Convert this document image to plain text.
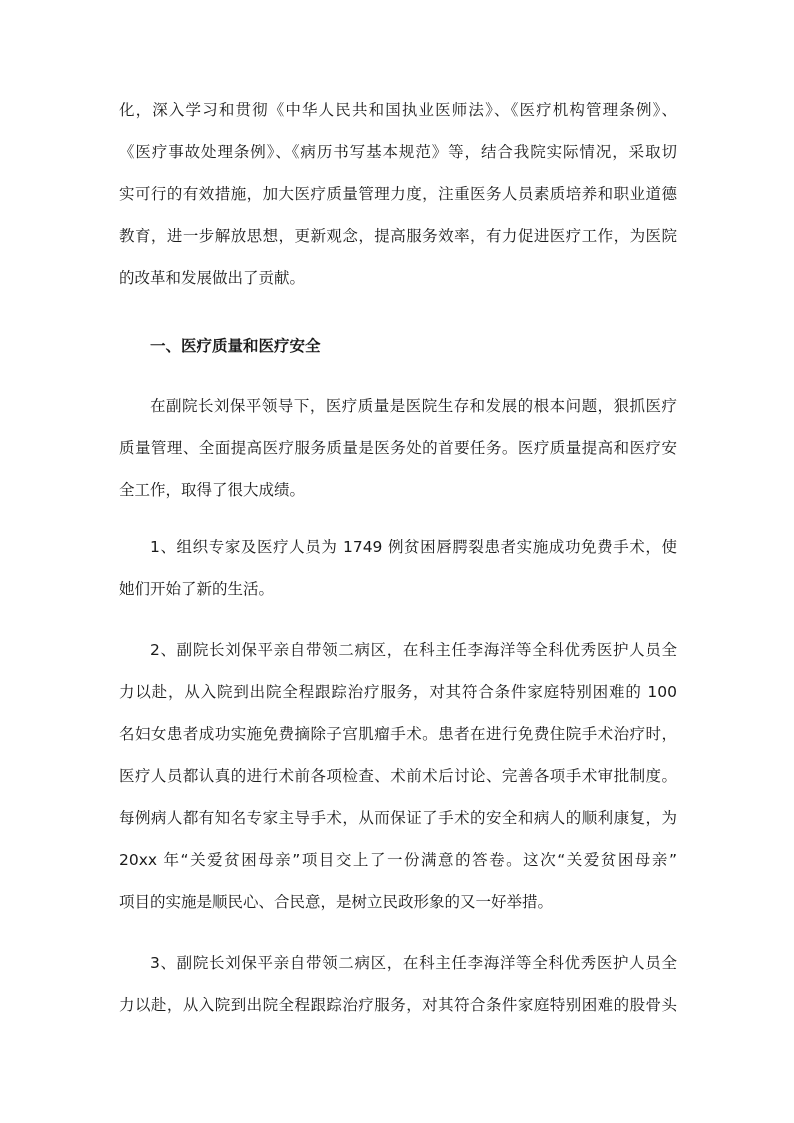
化，深入学习和贯彻《中华人民共和国执业医师法》、《医疗机构管理条例》、
《医疗事故处理条例》、《病历书写基本规范》等，结合我院实际情况，采取切
实可行的有效措施，加大医疗质量管理力度，注重医务人员素质培养和职业道德
教育，进一步解放思想，更新观念，提高服务效率，有力促进医疗工作，为医院
的改革和发展做出了贡献。
一、医疗质量和医疗安全
在副院长刘保平领导下，医疗质量是医院生存和发展的根本问题，狠抓医疗
质量管理、全面提高医疗服务质量是医务处的首要任务。医疗质量提高和医疗安
全工作，取得了很大成绩。
1、组织专家及医疗人员为 1749 例贫困唇腭裂患者实施成功免费手术，使
她们开始了新的生活。
2、副院长刘保平亲自带领二病区，在科主任李海洋等全科优秀医护人员全
力以赴，从入院到出院全程跟踪治疗服务，对其符合条件家庭特别困难的 100
名妇女患者成功实施免费摘除子宫肌瘤手术。患者在进行免费住院手术治疗时，
医疗人员都认真的进行术前各项检查、术前术后讨论、完善各项手术审批制度。
每例病人都有知名专家主导手术，从而保证了手术的安全和病人的顺利康复，为
20xx 年“关爱贫困母亲”项目交上了一份满意的答卷。这次“关爱贫困母亲”
项目的实施是顺民心、合民意，是树立民政形象的又一好举措。
3、副院长刘保平亲自带领二病区，在科主任李海洋等全科优秀医护人员全
力以赴，从入院到出院全程跟踪治疗服务，对其符合条件家庭特别困难的股骨头
